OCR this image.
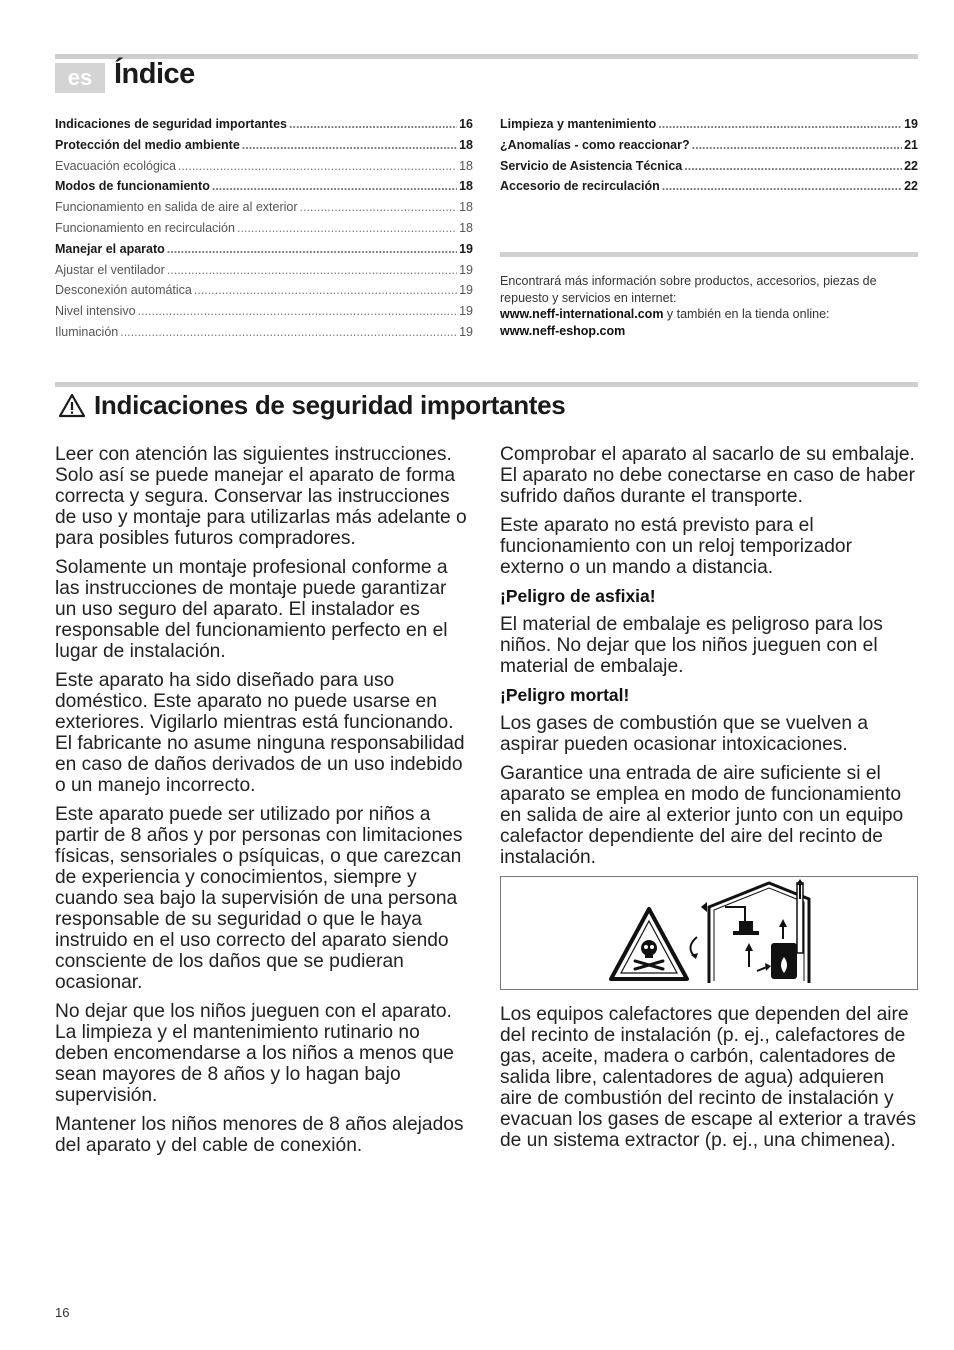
es Índice
Indicaciones de seguridad importantes .....	16
Protección del medio ambiente .....	18
Evacuación ecológica .....	18
Modos de funcionamiento .....	18
Funcionamiento en salida de aire al exterior .....	18
Funcionamiento en recirculación .....	18
Manejar el aparato .....	19
Ajustar el ventilador .....	19
Desconexión automática .....	19
Nivel intensivo .....	19
Iluminación .....	19
Limpieza y mantenimiento .....	19
¿Anomalías - como reaccionar? .....	21
Servicio de Asistencia Técnica .....	22
Accesorio de recirculación .....	22
Encontrará más información sobre productos, accesorios, piezas de repuesto y servicios en internet:
www.neff-international.com y también en la tienda online:
www.neff-eshop.com
Indicaciones de seguridad importantes

Leer con atención las siguientes instrucciones. Solo así se puede manejar el aparato de forma correcta y segura. Conservar las instrucciones de uso y montaje para utilizarlas más adelante o para posibles futuros compradores.

Solamente un montaje profesional conforme a las instrucciones de montaje puede garantizar un uso seguro del aparato. El instalador es responsable del funcionamiento perfecto en el lugar de instalación.

Este aparato ha sido diseñado para uso doméstico. Este aparato no puede usarse en exteriores. Vigilarlo mientras está funcionando. El fabricante no asume ninguna responsabilidad en caso de daños derivados de un uso indebido o un manejo incorrecto.

Este aparato puede ser utilizado por niños a partir de 8 años y por personas con limitaciones físicas, sensoriales o psíquicas, o que carezcan de experiencia y conocimientos, siempre y cuando sea bajo la supervisión de una persona responsable de su seguridad o que le haya instruido en el uso correcto del aparato siendo consciente de los daños que se pudieran ocasionar.

No dejar que los niños jueguen con el aparato. La limpieza y el mantenimiento rutinario no deben encomendarse a los niños a menos que sean mayores de 8 años y lo hagan bajo supervisión.

Mantener los niños menores de 8 años alejados del aparato y del cable de conexión.

Comprobar el aparato al sacarlo de su embalaje. El aparato no debe conectarse en caso de haber sufrido daños durante el transporte.

Este aparato no está previsto para el funcionamiento con un reloj temporizador externo o un mando a distancia.

¡Peligro de asfixia!

El material de embalaje es peligroso para los niños. No dejar que los niños jueguen con el material de embalaje.

¡Peligro mortal!

Los gases de combustión que se vuelven a aspirar pueden ocasionar intoxicaciones.

Garantice una entrada de aire suficiente si el aparato se emplea en modo de funcionamiento en salida de aire al exterior junto con un equipo calefactor dependiente del aire del recinto de instalación.

Los equipos calefactores que dependen del aire del recinto de instalación (p. ej., calefactores de gas, aceite, madera o carbón, calentadores de salida libre, calentadores de agua) adquieren aire de combustión del recinto de instalación y evacuan los gases de escape al exterior a través de un sistema extractor (p. ej., una chimenea).

16
